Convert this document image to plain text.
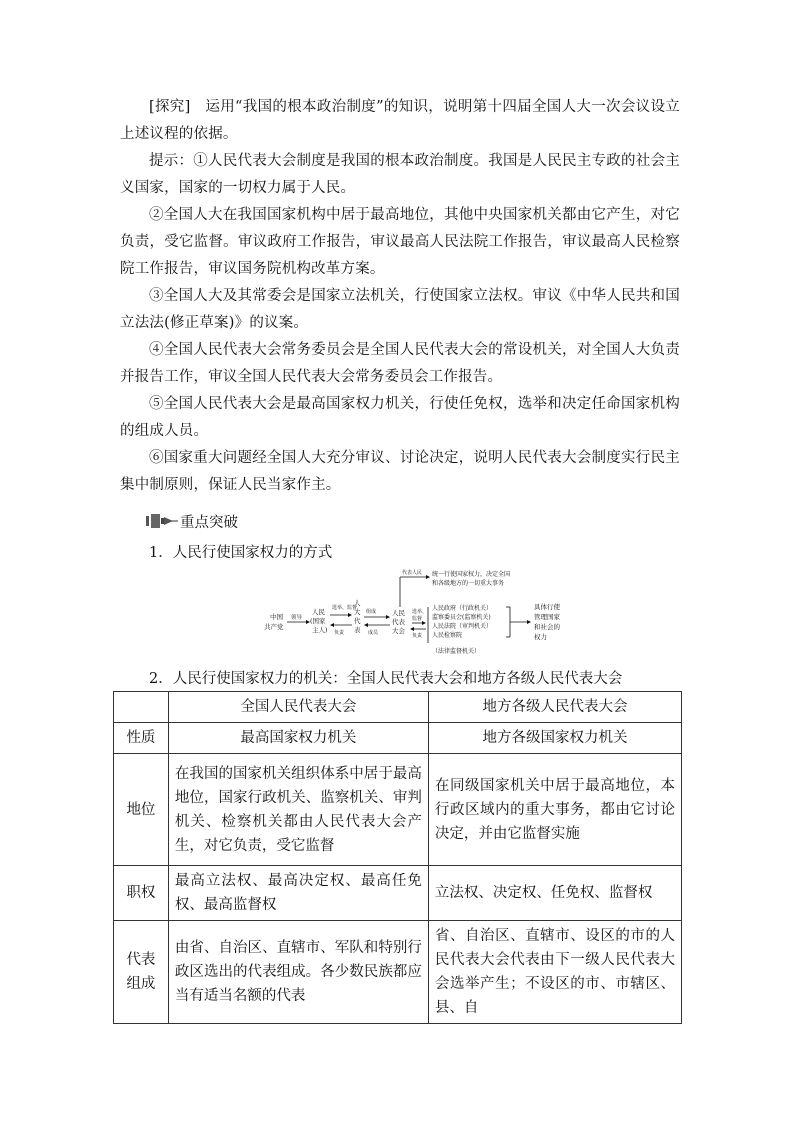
[探究]　 运用“我国的根本政治制度”的知识，说明第十四届全国人大一次会议设立上述议程的依据。

提示：①人民代表大会制度是我国的根本政治制度。我国是人民民主专政的社会主义国家，国家的一切权力属于人民。

②全国人大在我国国家机构中居于最高地位，其他中央国家机关都由它产生，对它负责，受它监督。审议政府工作报告，审议最高人民法院工作报告，审议最高人民检察院工作报告，审议国务院机构改革方案。

③全国人大及其常委会是国家立法机关，行使国家立法权。审议《中华人民共和国立法法(修正草案)》的议案。

④全国人民代表大会常务委员会是全国人民代表大会的常设机关，对全国人大负责并报告工作，审议全国人民代表大会常务委员会工作报告。

⑤全国人民代表大会是最高国家权力机关，行使任免权，选举和决定任命国家机构的组成人员。

⑥国家重大问题经全国人大充分审议、讨论决定，说明人民代表大会制度实行民主集中制原则，保证人民当家作主。

重点突破

1．人民行使国家权力的方式

中国
共产党
领导
人民
(国家
主人)
选举、监督
负责
人
大
代
表
组成
成员
人民
代表
大会
代表人民 统一行使国家权力，决定全国
和各级地方的一切重大事务
选举、
监督
负责
人民政府（行政机关）
监察委员会(监察机关)
人民法院（审判机关）
人民检察院
（法律监督机关）
具体行使
管理国家
和社会的
权力

2．人民行使国家权力的机关：全国人民代表大会和地方各级人民代表大会

	全国人民代表大会	地方各级人民代表大会
性质	最高国家权力机关	地方各级国家权力机关
地位	在我国的国家机关组织体系中居于最高地位，国家行政机关、监察机关、审判机关、检察机关都由人民代表大会产生，对它负责，受它监督	在同级国家机关中居于最高地位，本行政区域内的重大事务，都由它讨论决定，并由它监督实施
职权	最高立法权、最高决定权、最高任免权、最高监督权	立法权、决定权、任免权、监督权
代表组成	由省、自治区、直辖市、军队和特别行政区选出的代表组成。各少数民族都应当有适当名额的代表	省、自治区、直辖市、设区的市的人民代表大会代表由下一级人民代表大会选举产生；不设区的市、市辖区、县、自
